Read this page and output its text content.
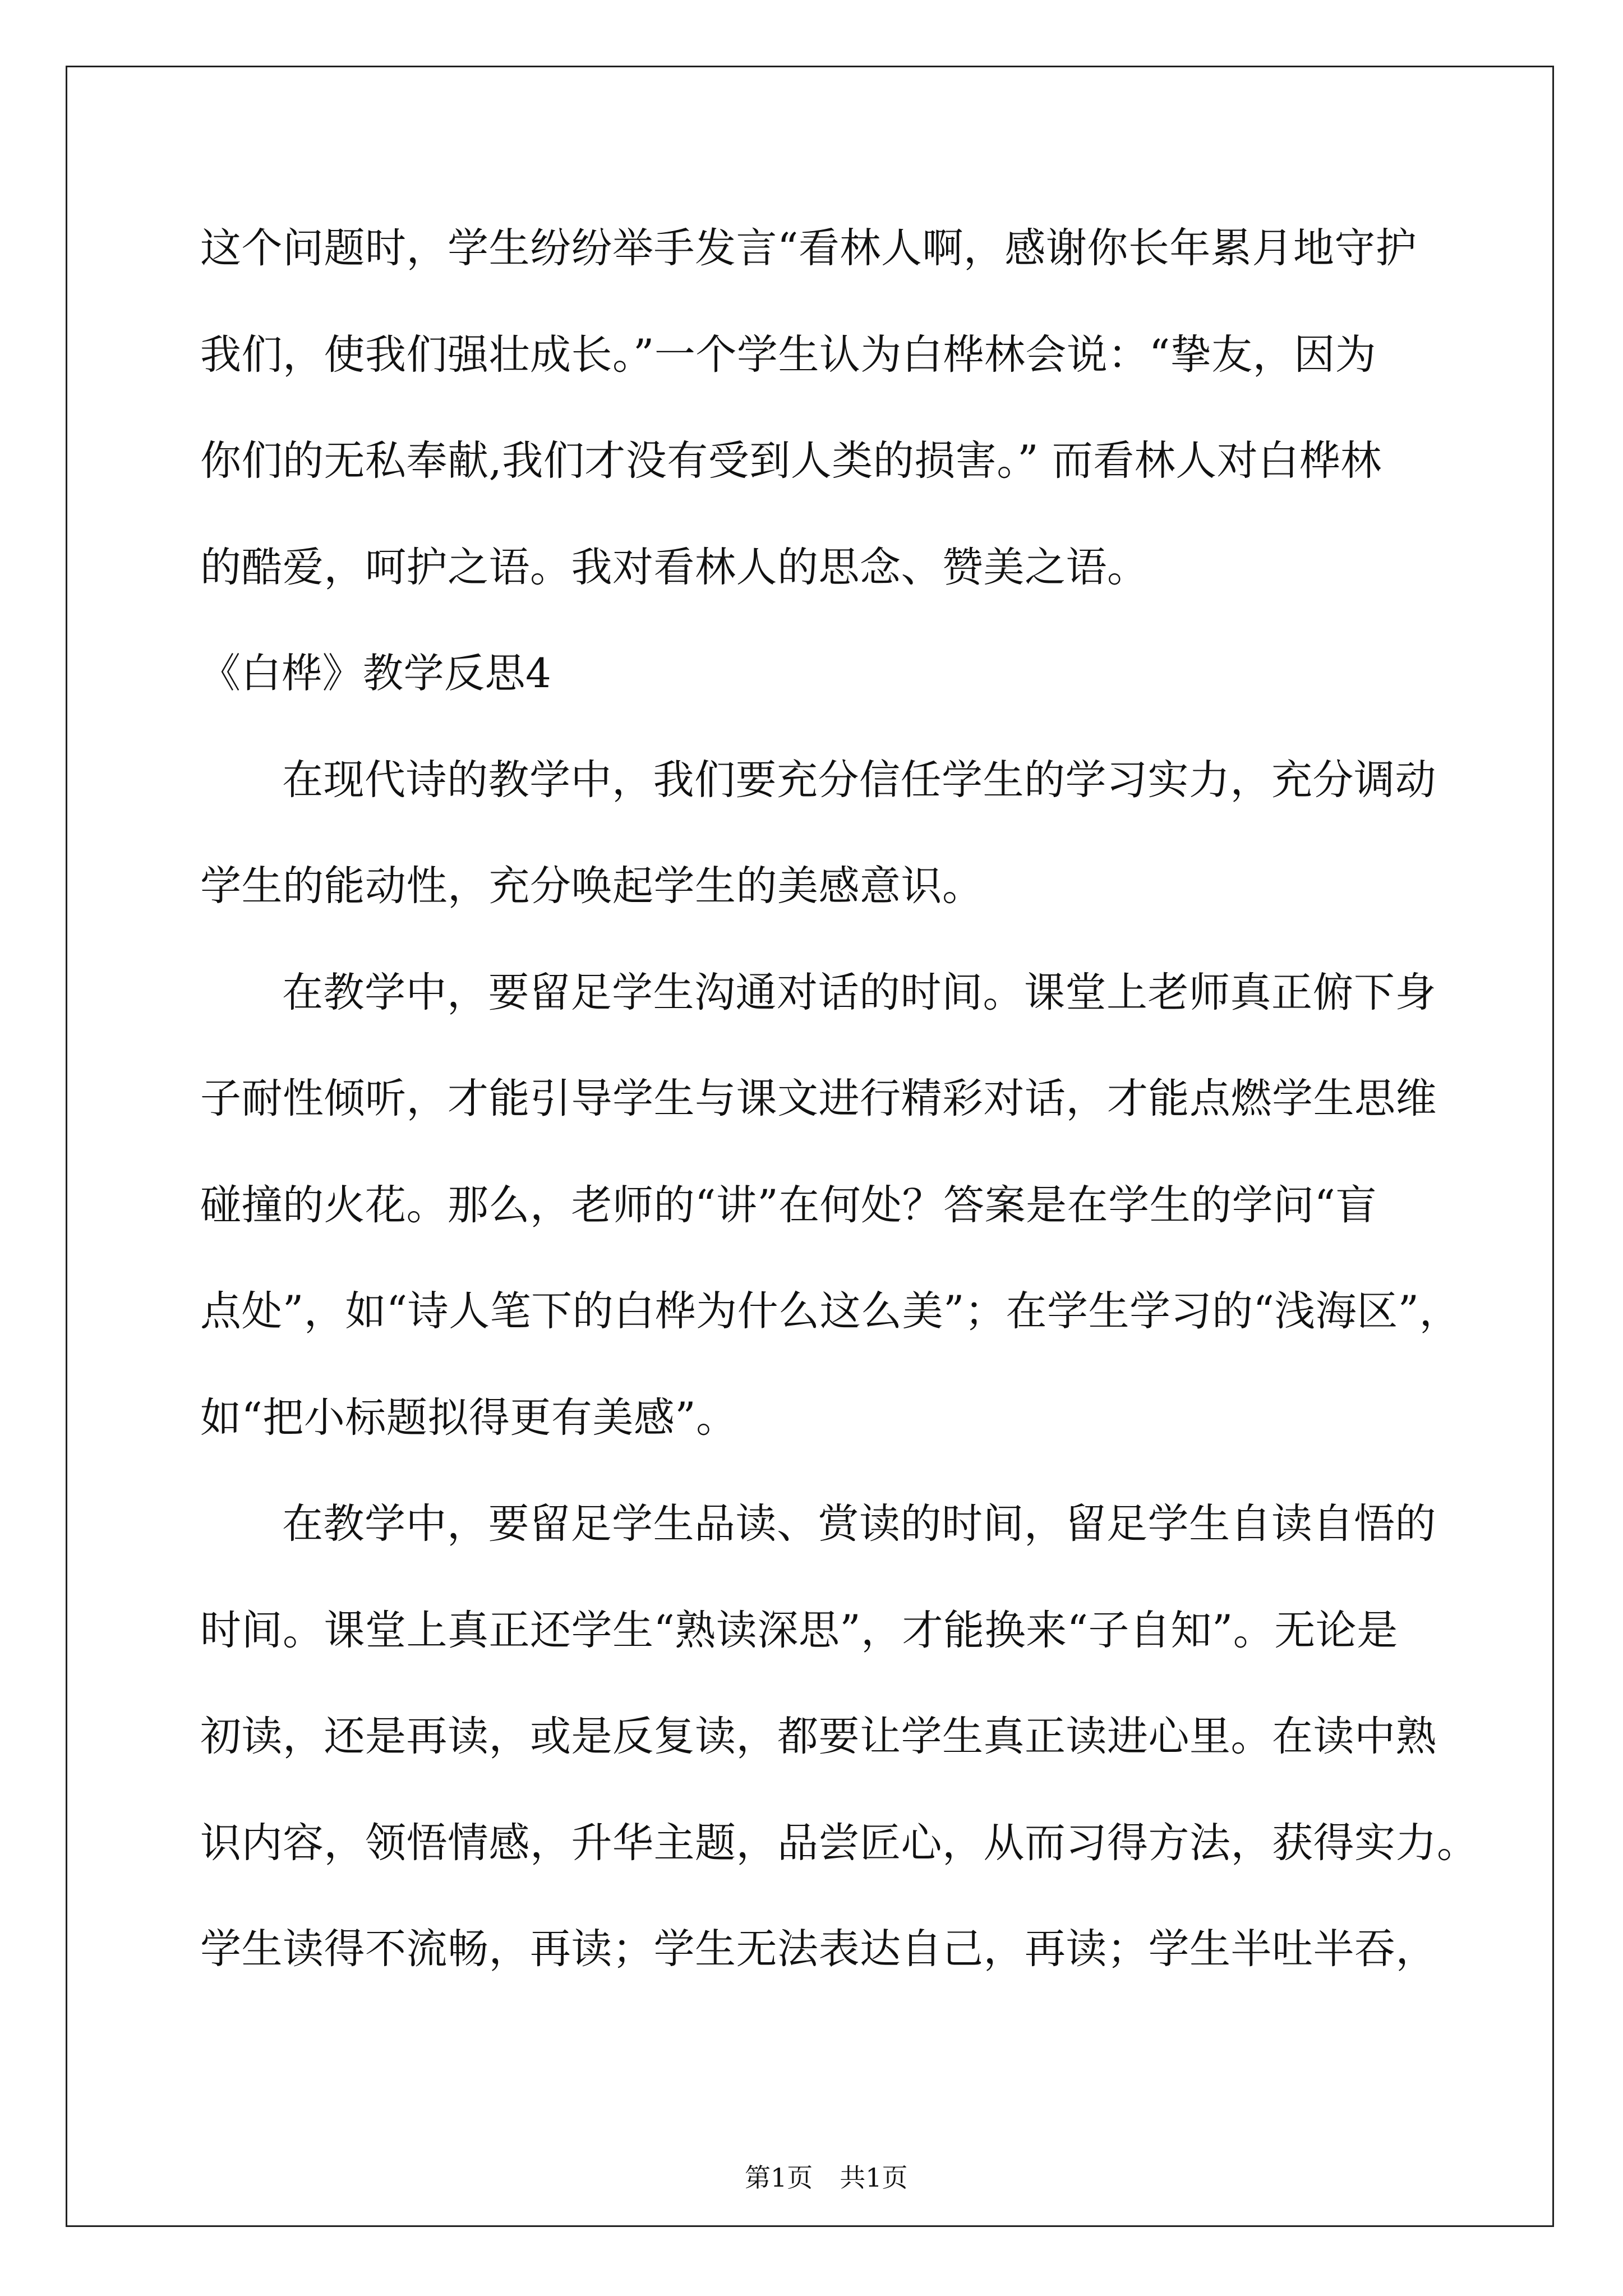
这个问题时，学生纷纷举手发言“看林人啊，感谢你长年累月地守护
我们，使我们强壮成长。”一个学生认为白桦林会说：“挚友，因为
你们的无私奉献,我们才没有受到人类的损害。” 而看林人对白桦林
的酷爱，呵护之语。我对看林人的思念、赞美之语。
《白桦》教学反思4
在现代诗的教学中，我们要充分信任学生的学习实力，充分调动
学生的能动性，充分唤起学生的美感意识。
在教学中，要留足学生沟通对话的时间。课堂上老师真正俯下身
子耐性倾听，才能引导学生与课文进行精彩对话，才能点燃学生思维
碰撞的火花。那么，老师的“讲”在何处？答案是在学生的学问“盲
点处”，如“诗人笔下的白桦为什么这么美”；在学生学习的“浅海区”，
如“把小标题拟得更有美感”。
在教学中，要留足学生品读、赏读的时间，留足学生自读自悟的
时间。课堂上真正还学生“熟读深思”，才能换来“子自知”。无论是
初读，还是再读，或是反复读，都要让学生真正读进心里。在读中熟
识内容，领悟情感，升华主题，品尝匠心，从而习得方法，获得实力。
学生读得不流畅，再读；学生无法表达自己，再读；学生半吐半吞，

第1页 共1页
